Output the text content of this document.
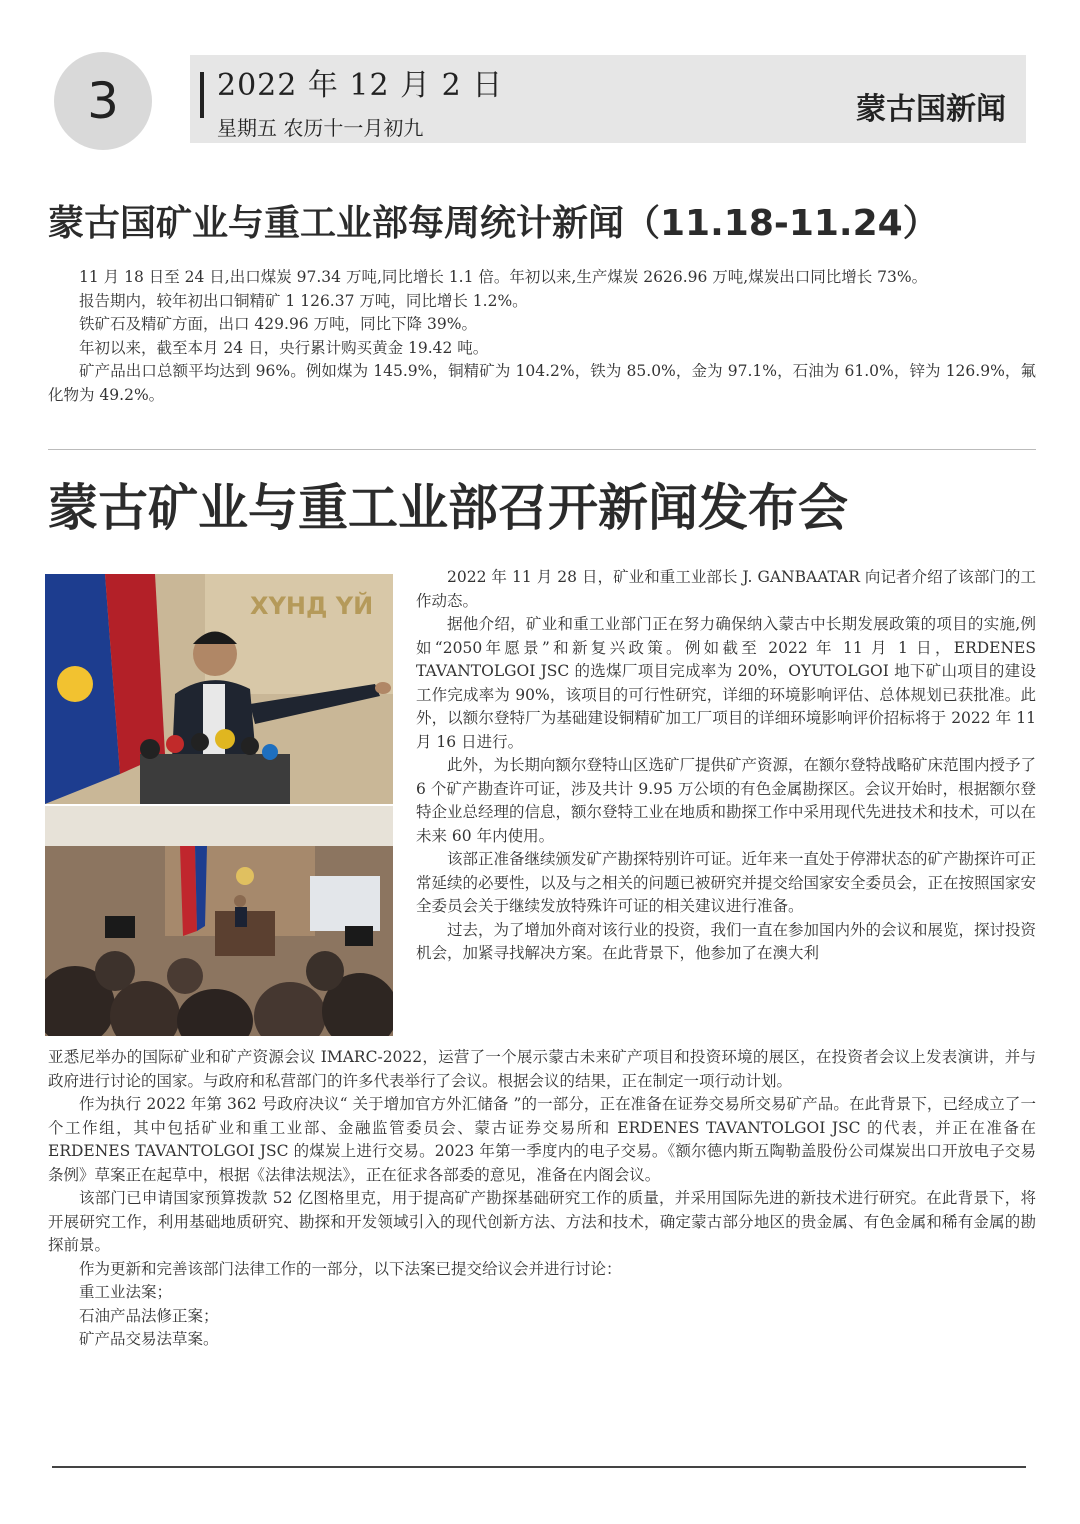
3	2022 年 12 月 2 日
星期五 农历十一月初九
蒙古国新闻
蒙古国矿业与重工业部每周统计新闻（11.18-11.24）

11 月 18 日至 24 日,出口煤炭 97.34 万吨,同比增长 1.1 倍。年初以来,生产煤炭 2626.96 万吨,煤炭出口同比增长 73%。

报告期内，较年初出口铜精矿 1 126.37 万吨，同比增长 1.2%。

铁矿石及精矿方面，出口 429.96 万吨，同比下降 39%。

年初以来，截至本月 24 日，央行累计购买黄金 19.42 吨。

矿产品出口总额平均达到 96%。例如煤为 145.9%，铜精矿为 104.2%，铁为 85.0%，金为 97.1%，石油为 61.0%，锌为 126.9%，氟化物为 49.2%。

蒙古矿业与重工业部召开新闻发布会
ХҮНД ҮЙ

2022 年 11 月 28 日，矿业和重工业部长 J. GANBAATAR 向记者介绍了该部门的工作动态。

据他介绍，矿业和重工业部门正在努力确保纳入蒙古中长期发展政策的项目的实施,例如“2050年愿景”和新复兴政策。例如截至 2022 年 11 月 1 日，ERDENES TAVANTOLGOI JSC 的选煤厂项目完成率为 20%，OYUTOLGOI 地下矿山项目的建设工作完成率为 90%，该项目的可行性研究，详细的环境影响评估、总体规划已获批准。此外，以额尔登特厂为基础建设铜精矿加工厂项目的详细环境影响评价招标将于 2022 年 11 月 16 日进行。

此外，为长期向额尔登特山区选矿厂提供矿产资源，在额尔登特战略矿床范围内授予了 6 个矿产勘查许可证，涉及共计 9.95 万公顷的有色金属勘探区。会议开始时，根据额尔登特企业总经理的信息，额尔登特工业在地质和勘探工作中采用现代先进技术和技术，可以在未来 60 年内使用。

该部正准备继续颁发矿产勘探特别许可证。近年来一直处于停滞状态的矿产勘探许可正常延续的必要性，以及与之相关的问题已被研究并提交给国家安全委员会，正在按照国家安全委员会关于继续发放特殊许可证的相关建议进行准备。

过去，为了增加外商对该行业的投资，我们一直在参加国内外的会议和展览，探讨投资机会，加紧寻找解决方案。在此背景下，他参加了在澳大利

亚悉尼举办的国际矿业和矿产资源会议 IMARC-2022，运营了一个展示蒙古未来矿产项目和投资环境的展区，在投资者会议上发表演讲，并与政府进行讨论的国家。与政府和私营部门的许多代表举行了会议。根据会议的结果，正在制定一项行动计划。

作为执行 2022 年第 362 号政府决议“ 关于增加官方外汇储备 ”的一部分，正在准备在证券交易所交易矿产品。在此背景下，已经成立了一个工作组，其中包括矿业和重工业部、金融监管委员会、蒙古证券交易所和 ERDENES TAVANTOLGOI JSC 的代表，并正在准备在 ERDENES TAVANTOLGOI JSC 的煤炭上进行交易。2023 年第一季度内的电子交易。《额尔德内斯五陶勒盖股份公司煤炭出口开放电子交易条例》草案正在起草中，根据《法律法规法》，正在征求各部委的意见，准备在内阁会议。

该部门已申请国家预算拨款 52 亿图格里克，用于提高矿产勘探基础研究工作的质量，并采用国际先进的新技术进行研究。在此背景下，将开展研究工作，利用基础地质研究、勘探和开发领域引入的现代创新方法、方法和技术，确定蒙古部分地区的贵金属、有色金属和稀有金属的勘探前景。

作为更新和完善该部门法律工作的一部分，以下法案已提交给议会并进行讨论：

重工业法案；

石油产品法修正案；

矿产品交易法草案。
